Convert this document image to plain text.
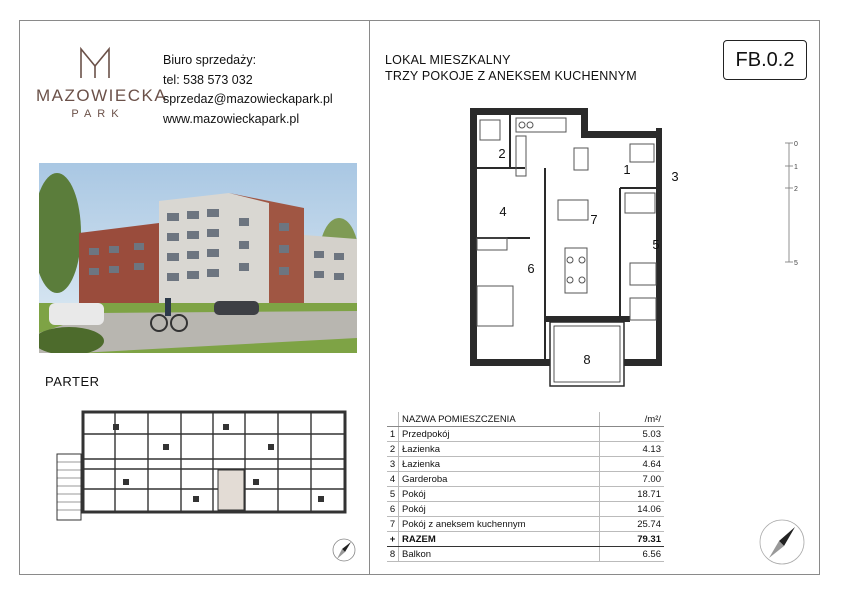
MAZOWIECKA
PARK
Biuro sprzedaży:
tel: 538 573 032
sprzedaz@mazowieckapark.pl
www.mazowieckapark.pl
PARTER
LOKAL MIESZKALNY
TRZY POKOJE Z ANEKSEM KUCHENNYM
FB.0.2
2
1	3
4
7
5
6
8
0
1
2
5
	NAZWA POMIESZCZENIA	/m²/
1	Przedpokój	5.03
2	Łazienka	4.13
3	Łazienka	4.64
4	Garderoba	7.00
5	Pokój	18.71
6	Pokój	14.06
7	Pokój z aneksem kuchennym	25.74
+	RAZEM	79.31
8	Balkon	6.56
